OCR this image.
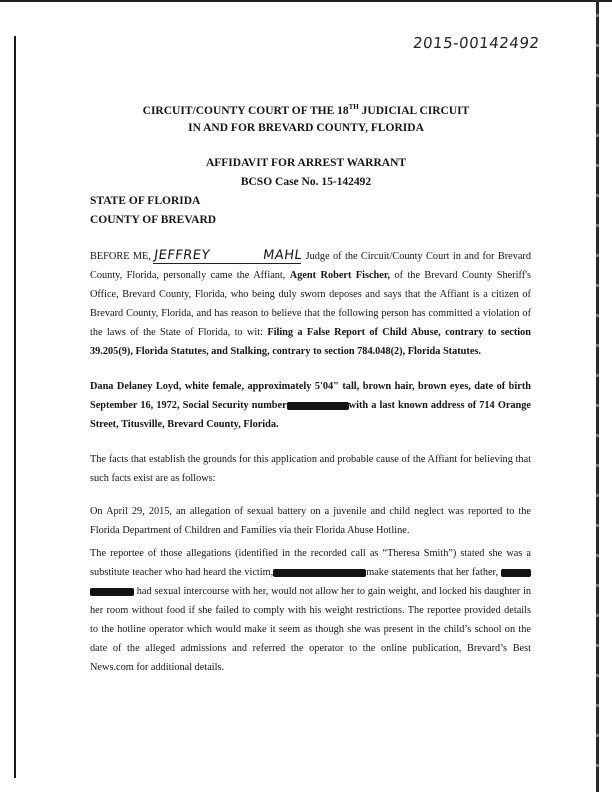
2015-00142492
CIRCUIT/COUNTY COURT OF THE 18TH JUDICIAL CIRCUIT
IN AND FOR BREVARD COUNTY, FLORIDA
AFFIDAVIT FOR ARREST WARRANT
BCSO Case No. 15-142492
STATE OF FLORIDA
COUNTY OF BREVARD
BEFORE ME, JEFFREY MAHL Judge of the Circuit/County Court in and for Brevard
County, Florida, personally came the Affiant, Agent Robert Fischer, of the Brevard County Sheriff's
Office, Brevard County, Florida, who being duly sworn deposes and says that the Affiant is a citizen of
Brevard County, Florida, and has reason to believe that the following person has committed a violation of
the laws of the State of Florida, to wit: Filing a False Report of Child Abuse, contrary to section
39.205(9), Florida Statutes, and Stalking, contrary to section 784.048(2), Florida Statutes.
Dana Delaney Loyd, white female, approximately 5'04" tall, brown hair, brown eyes, date of birth
September 16, 1972, Social Security number	with a last known address of 714 Orange
Street, Titusville, Brevard County, Florida.
The facts that establish the grounds for this application and probable cause of the Affiant for believing that
such facts exist are as follows:
On April 29, 2015, an allegation of sexual battery on a juvenile and child neglect was reported to the
Florida Department of Children and Families via their Florida Abuse Hotline.
The reportee of those allegations (identified in the recorded call as “Theresa Smith”) stated she was a
substitute teacher who had heard the victim,	make statements that her father,
had sexual intercourse with her, would not allow her to gain weight, and locked his daughter in
her room without food if she failed to comply with his weight restrictions. The reportee provided details
to the hotline operator which would make it seem as though she was present in the child’s school on the
date of the alleged admissions and referred the operator to the online publication, Brevard’s Best
News.com for additional details.
